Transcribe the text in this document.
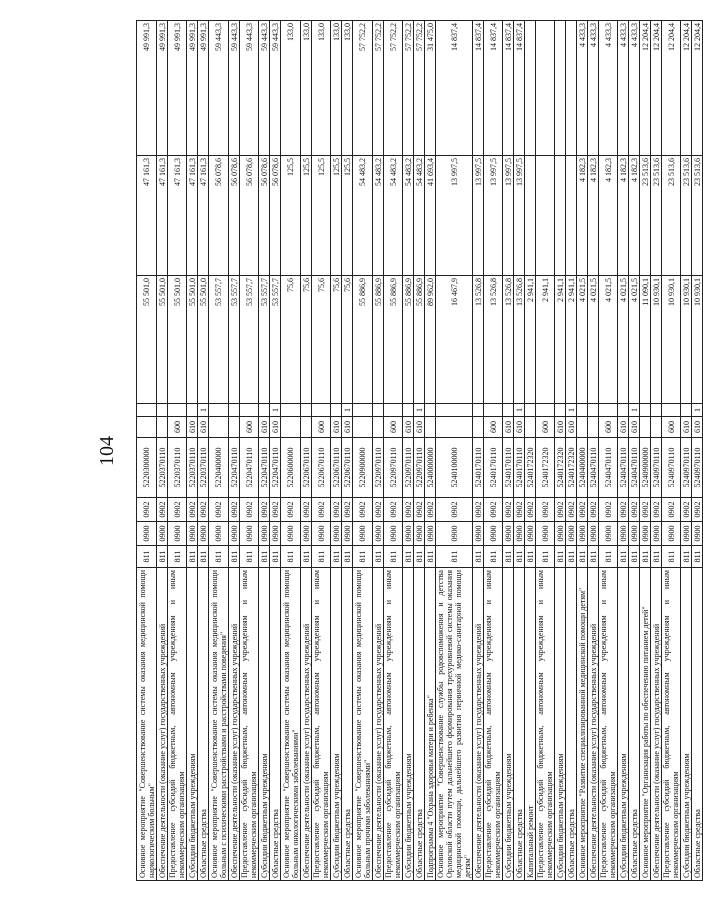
104
Основное мероприятие "Совершенствование системы оказания медицинской помощи наркологическим больным"	811	0900	0902	5220300000			55 501,0	47 161,3	49 991,3
Обеспечение деятельности (оказание услуг) государственных учреждений	811	0900	0902	5220370110			55 501,0	47 161,3	49 991,3
Предоставление субсидий бюджетным, автономным учреждениям и иным некоммерческим организациям	811	0900	0902	5220370110	600		55 501,0	47 161,3	49 991,3
Субсидии бюджетным учреждениям	811	0900	0902	5220370110	610		55 501,0	47 161,3	49 991,3
Областные средства	811	0900	0902	5220370110	610	1	55 501,0	47 161,3	49 991,3
Основное мероприятие "Совершенствование системы оказания медицинской помощи больным с психическими расстройствами и расстройствами поведения"	811	0900	0902	5220400000			53 557,7	56 078,6	59 443,3
Обеспечение деятельности (оказание услуг) государственных учреждений	811	0900	0902	5220470110			53 557,7	56 078,6	59 443,3
Предоставление субсидий бюджетным, автономным учреждениям и иным некоммерческим организациям	811	0900	0902	5220470110	600		53 557,7	56 078,6	59 443,3
Субсидии бюджетным учреждениям	811	0900	0902	5220470110	610		53 557,7	56 078,6	59 443,3
Областные средства	811	0900	0902	5220470110	610	1	53 557,7	56 078,6	59 443,3
Основное мероприятие "Совершенствование системы оказания медицинской помощи больным онкологическими заболеваниями"	811	0900	0902	5220600000			75,6	125,5	133,0
Обеспечение деятельности (оказание услуг) государственных учреждений	811	0900	0902	5220670110			75,6	125,5	133,0
Предоставление субсидий бюджетным, автономным учреждениям и иным некоммерческим организациям	811	0900	0902	5220670110	600		75,6	125,5	133,0
Субсидии бюджетным учреждениям	811	0900	0902	5220670110	610		75,6	125,5	133,0
Областные средства	811	0900	0902	5220670110	610	1	75,6	125,5	133,0
Основное мероприятие "Совершенствование системы оказания медицинской помощи больным прочими заболеваниями"	811	0900	0902	5220900000			55 886,9	54 483,2	57 752,2
Обеспечение деятельности (оказание услуг) государственных учреждений	811	0900	0902	5220970110			55 886,9	54 483,2	57 752,2
Предоставление субсидий бюджетным, автономным учреждениям и иным некоммерческим организациям	811	0900	0902	5220970110	600		55 886,9	54 483,2	57 752,2
Субсидии бюджетным учреждениям	811	0900	0902	5220970110	610		55 886,9	54 483,2	57 752,2
Областные средства	811	0900	0902	5220970110	610	1	55 886,9	54 483,2	57 752,2
Подпрограмма 4 "Охрана здоровья матери и ребенка"	811	0900	0902	5240000000			89 962,0	41 693,4	31 475,0
Основное мероприятие "Совершенствование службы родовспоможения и детства Орловской области путем дальнейшего формирования трехуровневой системы оказания медицинской помощи, дальнейшего развития первичной медико-санитарной помощи детям"	811	0900	0902	5240100000			16 467,9	13 997,5	14 837,4
Обеспечение деятельности (оказание услуг) государственных учреждений	811	0900	0902	5240170110			13 526,8	13 997,5	14 837,4
Предоставление субсидий бюджетным, автономным учреждениям и иным некоммерческим организациям	811	0900	0902	5240170110	600		13 526,8	13 997,5	14 837,4
Субсидии бюджетным учреждениям	811	0900	0902	5240170110	610		13 526,8	13 997,5	14 837,4
Областные средства	811	0900	0902	5240170110	610	1	13 526,8	13 997,5	14 837,4
Капитальный ремонт	811	0900	0902	5240172320			2 941,1		
Предоставление субсидий бюджетным, автономным учреждениям и иным некоммерческим организациям	811	0900	0902	5240172320	600		2 941,1		
Субсидии бюджетным учреждениям	811	0900	0902	5240172320	610		2 941,1		
Областные средства	811	0900	0902	5240172320	610	1	2 941,1		
Основное мероприятие "Развитие специализированной медицинской помощи детям"	811	0900	0902	5240400000			4 021,5	4 182,3	4 433,3
Обеспечение деятельности (оказание услуг) государственных учреждений	811	0900	0902	5240470110			4 021,5	4 182,3	4 433,3
Предоставление субсидий бюджетным, автономным учреждениям и иным некоммерческим организациям	811	0900	0902	5240470110	600		4 021,5	4 182,3	4 433,3
Субсидии бюджетным учреждениям	811	0900	0902	5240470110	610		4 021,5	4 182,3	4 433,3
Областные средства	811	0900	0902	5240470110	610	1	4 021,5	4 182,3	4 433,3
Основное мероприятие "Организация работы по обеспечению питанием детей"	811	0900	0902	5240900000			11 090,1	23 513,6	12 204,4
Обеспечение деятельности (оказание услуг) государственных учреждений	811	0900	0902	5240970110			10 930,1	23 513,6	12 204,4
Предоставление субсидий бюджетным, автономным учреждениям и иным некоммерческим организациям	811	0900	0902	5240970110	600		10 930,1	23 513,6	12 204,4
Субсидии бюджетным учреждениям	811	0900	0902	5240970110	610		10 930,1	23 513,6	12 204,4
Областные средства	811	0900	0902	5240970110	610	1	10 930,1	23 513,6	12 204,4
